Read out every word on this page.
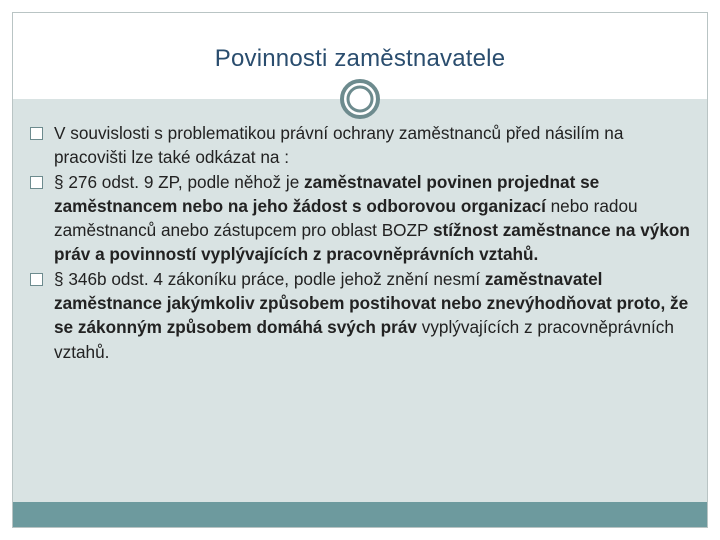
Povinnosti zaměstnavatele
V souvislosti s problematikou právní ochrany zaměstnanců před násilím na pracovišti lze také odkázat na :
§ 276 odst. 9 ZP, podle něhož je zaměstnavatel povinen projednat se zaměstnancem nebo na jeho žádost s odborovou organizací nebo radou zaměstnanců anebo zástupcem pro oblast BOZP stížnost zaměstnance na výkon práv a povinností vyplývajících z pracovněprávních vztahů.
§ 346b odst. 4 zákoníku práce, podle jehož znění nesmí zaměstnavatel zaměstnance jakýmkoliv způsobem postihovat nebo znevýhodňovat proto, že se zákonným způsobem domáhá svých práv vyplývajících z pracovněprávních vztahů.
